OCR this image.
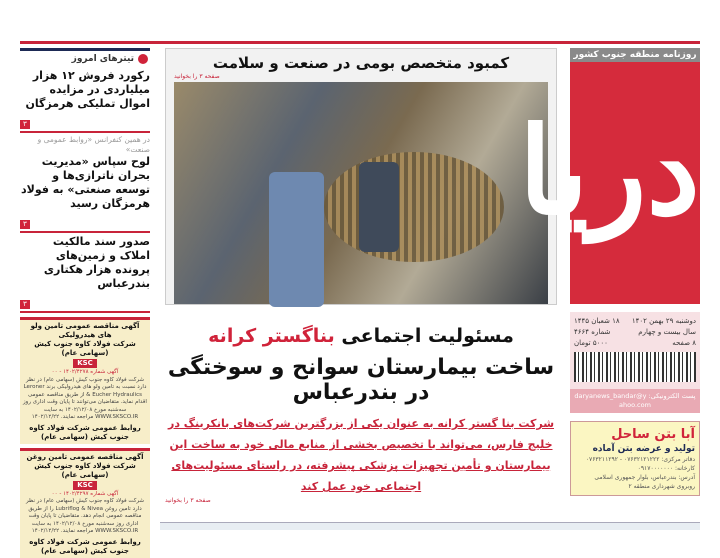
تیترهای امروز
رکورد فروش ۱۲ هزار میلیاردی در مزایده اموال تملیکی هرمزگان
۳
در همین کنفرانس «روابط عمومی و صنعت»
لوح سپاس «مدیریت بحران ناترازی‌ها و توسعه صنعتی» به فولاد هرمزگان رسید
۳
صدور سند مالکیت املاک و زمین‌های پرونده هزار هکتاری بندرعباس
۳
آگهی مناقصه عمومی تامین ولو های هیدرولیکی
شرکت فولاد کاوه جنوب کیش (سهامی عام)
KSC
آگهی شماره ۱۴۰۲/۴۲۷۸ - ۰۰
شرکت فولاد کاوه جنوب کیش (سهامی عام) در نظر دارد نسبت به تامین ولو های هیدرولیکی برند Leroner & Eucher Hydraulics از طریق مناقصه عمومی اقدام نماید. متقاضیان می‌توانند تا پایان وقت اداری روز سه‌شنبه مورخ ۱۴۰۲/۱۲/۰۸ به سایت WWW.SKSCO.IR مراجعه نمایند. ۱۴۰۲/۱۲/۲۲
روابط عمومی شرکت فولاد کاوه جنوب کیش (سهامی عام)
آگهی مناقصه عمومی تامین روغن
شرکت فولاد کاوه جنوب کیش (سهامی عام)
KSC
آگهی شماره ۱۴۰۲/۴۲۹۷ - ۰۰
شرکت فولاد کاوه جنوب کیش (سهامی عام) در نظر دارد تامین روغن Lubriflog & Nivea را از طریق مناقصه عمومی انجام دهد. متقاضیان تا پایان وقت اداری روز سه‌شنبه مورخ ۱۴۰۲/۱۲/۰۸ به سایت WWW.SKSCO.IR مراجعه نمایند. ۱۴۰۲/۱۲/۲۲
روابط عمومی شرکت فولاد کاوه جنوب کیش (سهامی عام)
کمبود متخصص بومی در صنعت و سلامت
صفحه ۳ را بخوانید
مسئولیت اجتماعی بناگستر کرانه
ساخت بیمارستان سوانح و سوختگی در بندرعباس
شرکت بنا گستر کرانه به عنوان یکی از بزرگترین شرکت‌های بانکرینگ در خلیج فارس، می‌تواند با تخصیص بخشی از منابع مالی خود به ساخت این بیمارستان و تأمین تجهیزات پزشکی پیشرفته، در راستای مسئولیت‌های اجتماعی خود عمل کند
صفحه ۳ را بخوانید
روزنامه منطقه جنوب کشور
دریا
دوشنبه ۲۹ بهمن ۱۴۰۲
۱۸ شعبان ۱۴۴۵
سال بیست و چهارم
شماره ۴۶۶۴
۸ صفحه
۵۰۰۰ تومان
پست الکترونیکی: daryanews_bandar@yahoo.com
آبا بتن ساحل
تولید و عرضه بتن آماده
دفاتر مرکزی: ۰۷۶۳۲۱۲۱۲۲۲ - ۰۷۶۳۲۱۱۲۹۲
کارخانه: ۰۹۱۷۰۰۰۰۰۰۰
آدرس: بندرعباس، بلوار جمهوری اسلامی
روبروی شهرداری منطقه ۲
